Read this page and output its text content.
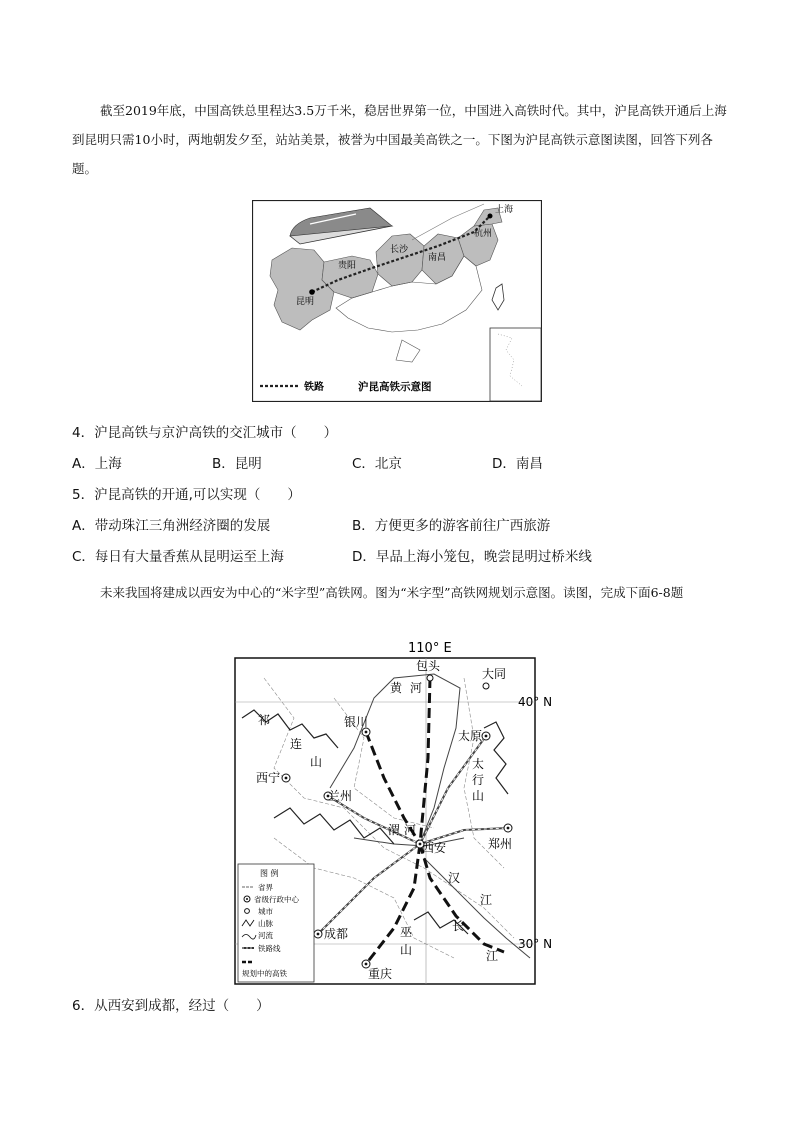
截至2019年底，中国高铁总里程达3.5万千米，稳居世界第一位，中国进入高铁时代。其中，沪昆高铁开通后上海到昆明只需10小时，两地朝发夕至，站站美景，被誉为中国最美高铁之一。下图为沪昆高铁示意图读图，回答下列各题。
上海
杭州
南昌
长沙
贵阳
昆明
铁路	沪昆高铁示意图
4．沪昆高铁与京沪高铁的交汇城市（　　）
A．上海	B．昆明	C．北京	D．南昌
5．沪昆高铁的开通,可以实现（　　）
A．带动珠江三角洲经济圈的发展	B．方便更多的游客前往广西旅游
C．每日有大量香蕉从昆明运至上海	D．早品上海小笼包，晚尝昆明过桥米线
未来我国将建成以西安为中心的“米字型”高铁网。图为“米字型”高铁网规划示意图。读图，完成下面6-8题
110° E
40° N
30° N
包头
大同
银川
太原
西宁
兰州
西安	郑州
成都
重庆
黄 河
祁
连
山	太
行
山
渭 河
汉
江
长
江
巫
山
图 例
省界
省级行政中心
城市
山脉
河流
铁路线
规划中的高铁
6．从西安到成都，经过（　　）
